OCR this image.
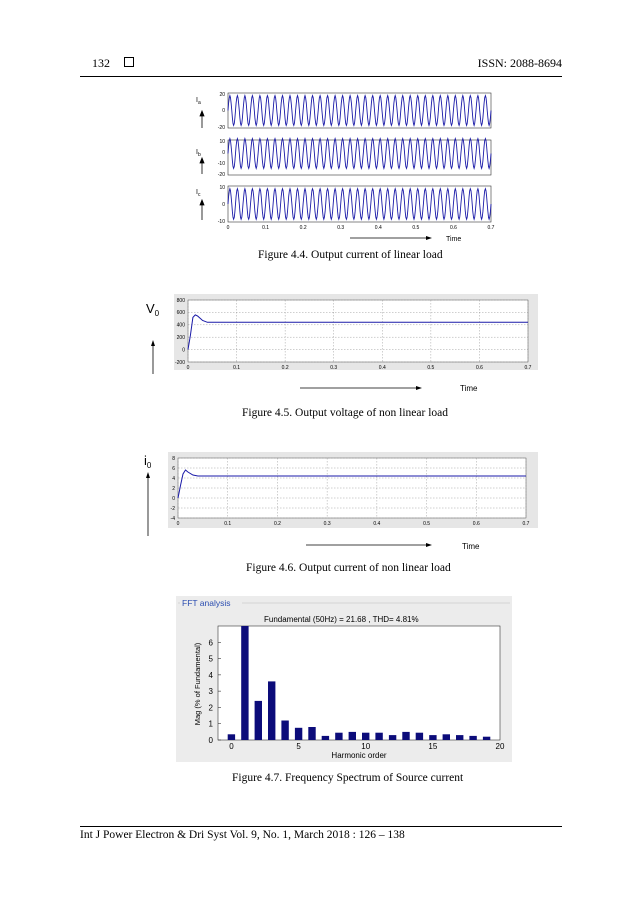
132	ISSN: 2088-8694
$I_a$
$I_b$
$I_c$
20
0
-20
10
0
-10
-20
10
0
-10
0	0.1	0.2	0.3	0.4	0.5	0.6	0.7
Time
Figure 4.4. Output current of linear load
$V_0$
800
600
400
200
0
-200
0	0.1	0.2	0.3	0.4	0.5	0.6	0.7
Time
Figure 4.5. Output voltage of non linear load
$i_0$
8
6
4
2
0
-2
-4
0	0.1	0.2	0.3	0.4	0.5	0.6	0.7
Time
Figure 4.6. Output current of non linear load
FFT analysis
Fundamental (50Hz) = 21.68 , THD= 4.81%
0
1
2
3
4
5
6
0	5	10	15	20
Harmonic order
Mag (% of Fundamental)
Figure 4.7. Frequency Spectrum of Source current
Int J Power Electron & Dri Syst Vol. 9, No. 1, March 2018 : 126 – 138
